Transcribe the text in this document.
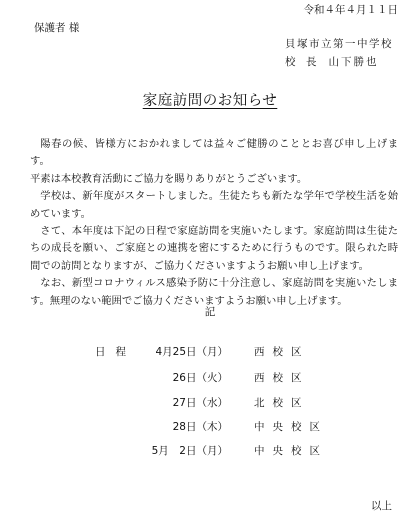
令和４年４月１１日
保護者 様
貝塚市立第一中学校
校　長 山下勝也
家庭訪問のお知らせ

陽春の候、皆様方におかれましては益々ご健勝のこととお喜び申し上げます。

平素は本校教育活動にご協力を賜りありがとうございます。

学校は、新年度がスタートしました。生徒たちも新たな学年で学校生活を始めています。

さて、本年度は下記の日程で家庭訪問を実施いたします。家庭訪問は生徒たちの成長を願い、ご家庭との連携を密にするために行うものです。限られた時間での訪問となりますが、ご協力くださいますようお願い申し上げます。

なお、新型コロナウィルス感染予防に十分注意し、家庭訪問を実施いたします。無理のない範囲でご協力くださいますようお願い申し上げます。

記
日程	4月25日（月） 西校区
26日（火） 西校区
27日（水） 北校区
28日（木） 中央校区
5月　2日（月） 中央校区
以上
